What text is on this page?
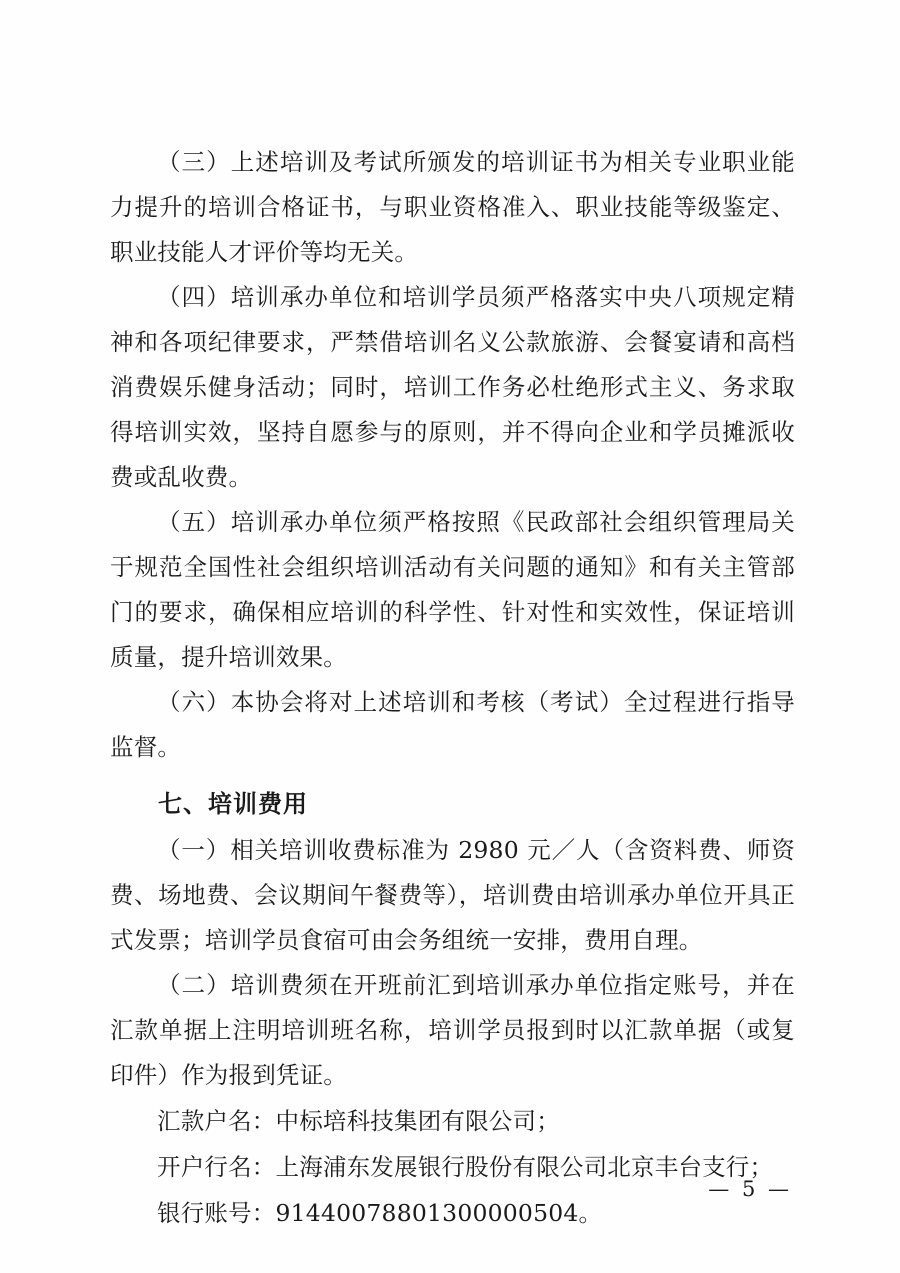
（三）上述培训及考试所颁发的培训证书为相关专业职业能力提升的培训合格证书，与职业资格准入、职业技能等级鉴定、职业技能人才评价等均无关。

（四）培训承办单位和培训学员须严格落实中央八项规定精神和各项纪律要求，严禁借培训名义公款旅游、会餐宴请和高档消费娱乐健身活动；同时，培训工作务必杜绝形式主义、务求取得培训实效，坚持自愿参与的原则，并不得向企业和学员摊派收费或乱收费。

（五）培训承办单位须严格按照《民政部社会组织管理局关于规范全国性社会组织培训活动有关问题的通知》和有关主管部门的要求，确保相应培训的科学性、针对性和实效性，保证培训质量，提升培训效果。

（六）本协会将对上述培训和考核（考试）全过程进行指导监督。

七、培训费用

（一）相关培训收费标准为 2980 元／人（含资料费、师资费、场地费、会议期间午餐费等），培训费由培训承办单位开具正式发票；培训学员食宿可由会务组统一安排，费用自理。

（二）培训费须在开班前汇到培训承办单位指定账号，并在汇款单据上注明培训班名称，培训学员报到时以汇款单据（或复印件）作为报到凭证。

汇款户名：中标培科技集团有限公司；

开户行名：上海浦东发展银行股份有限公司北京丰台支行；

银行账号：91440078801300000504。

— 5 —
